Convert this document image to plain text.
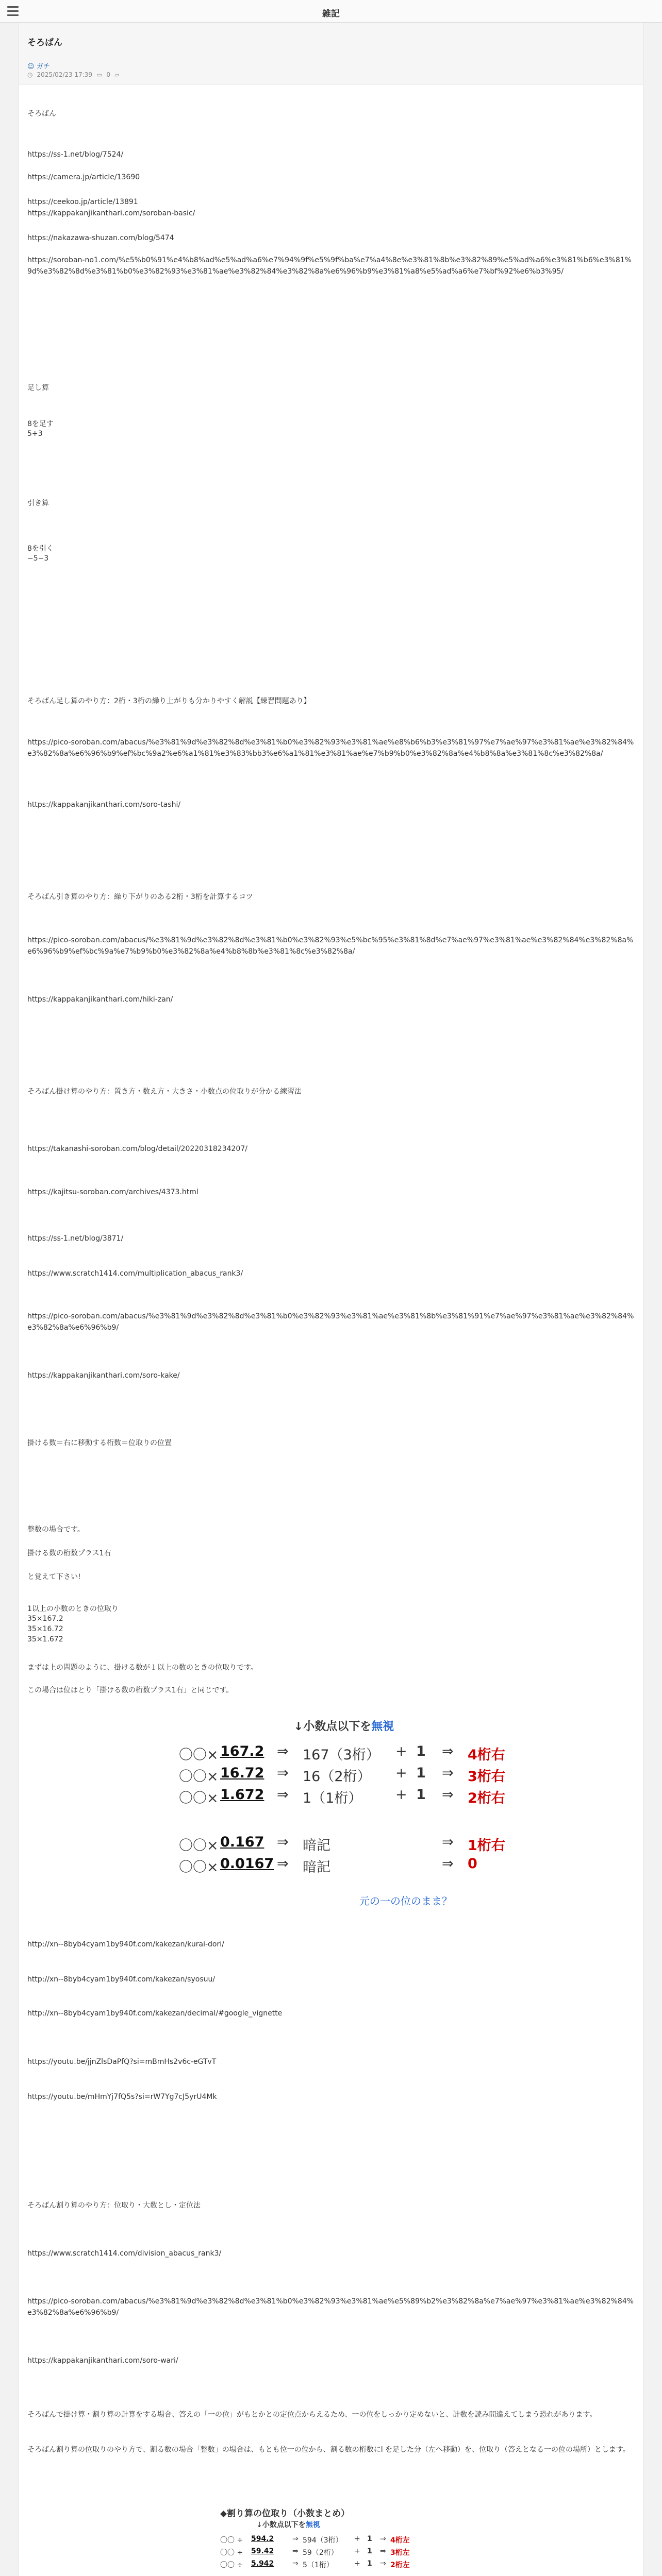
雑記
そろばん
☺ ガチ
◷ 2025/02/23 17:39 ▭ 0 ▱
そろばん
https://ss-1.net/blog/7524/
https://camera.jp/article/13690
https://ceekoo.jp/article/13891
https://kappakanjikanthari.com/soroban-basic/
https://nakazawa-shuzan.com/blog/5474
https://soroban-no1.com/%e5%b0%91%e4%b8%ad%e5%ad%a6%e7%94%9f%e5%9f%ba%e7%a4%8e%e3%81%8b%e3%82%89%e5%ad%a6%e3%81%b6%e3%81%9d%e3%82%8d%e3%81%b0%e3%82%93%e3%81%ae%e3%82%84%e3%82%8a%e6%96%b9%e3%81%a8%e5%ad%a6%e7%bf%92%e6%b3%95/
足し算
8を足す
5+3
引き算
8を引く
−5−3
そろばん足し算のやり方：2桁・3桁の繰り上がりも分かりやすく解説【練習問題あり】
https://pico-soroban.com/abacus/%e3%81%9d%e3%82%8d%e3%81%b0%e3%82%93%e3%81%ae%e8%b6%b3%e3%81%97%e7%ae%97%e3%81%ae%e3%82%84%e3%82%8a%e6%96%b9%ef%bc%9a2%e6%a1%81%e3%83%bb3%e6%a1%81%e3%81%ae%e7%b9%b0%e3%82%8a%e4%b8%8a%e3%81%8c%e3%82%8a/
https://kappakanjikanthari.com/soro-tashi/
そろばん引き算のやり方：繰り下がりのある2桁・3桁を計算するコツ
https://pico-soroban.com/abacus/%e3%81%9d%e3%82%8d%e3%81%b0%e3%82%93%e5%bc%95%e3%81%8d%e7%ae%97%e3%81%ae%e3%82%84%e3%82%8a%e6%96%b9%ef%bc%9a%e7%b9%b0%e3%82%8a%e4%b8%8b%e3%81%8c%e3%82%8a/
https://kappakanjikanthari.com/hiki-zan/
そろばん掛け算のやり方：置き方・数え方・大きさ・小数点の位取りが分かる練習法
https://takanashi-soroban.com/blog/detail/20220318234207/
https://kajitsu-soroban.com/archives/4373.html
https://ss-1.net/blog/3871/
https://www.scratch1414.com/multiplication_abacus_rank3/
https://pico-soroban.com/abacus/%e3%81%9d%e3%82%8d%e3%81%b0%e3%82%93%e3%81%ae%e3%81%8b%e3%81%91%e7%ae%97%e3%81%ae%e3%82%84%e3%82%8a%e6%96%b9/
https://kappakanjikanthari.com/soro-kake/
掛ける数＝右に移動する桁数＝位取りの位置
整数の場合です。
掛ける数の桁数プラス1右
と覚えて下さい!
1以上の小数のときの位取り
35×167.2
35×16.72
35×1.672
まずは上の問題のように、掛ける数が１以上の数のときの位取りです。
この場合は位はとり「掛ける数の桁数プラス1右」と同じです。
↓小数点以下を無視
〇〇× 167.2 ⇒ 167（3桁） + 1 ⇒ 4桁右
〇〇× 16.72 ⇒ 16（2桁） + 1 ⇒ 3桁右
〇〇× 1.672 ⇒ 1（1桁） + 1 ⇒ 2桁右
〇〇× 0.167 ⇒ 暗記	⇒ 1桁右
〇〇× 0.0167 ⇒ 暗記	⇒ 0
元の一の位のまま？
http://xn--8byb4cyam1by940f.com/kakezan/kurai-dori/
http://xn--8byb4cyam1by940f.com/kakezan/syosuu/
http://xn--8byb4cyam1by940f.com/kakezan/decimal/#google_vignette
https://youtu.be/jjnZlsDaPfQ?si=mBmHs2v6c-eGTvT
https://youtu.be/mHmYj7fQ5s?si=rW7Yg7cJ5yrU4Mk
そろばん割り算のやり方：位取り・大数とし・定位法
https://www.scratch1414.com/division_abacus_rank3/
https://pico-soroban.com/abacus/%e3%81%9d%e3%82%8d%e3%81%b0%e3%82%93%e3%81%ae%e5%89%b2%e3%82%8a%e7%ae%97%e3%81%ae%e3%82%84%e3%82%8a%e6%96%b9/
https://kappakanjikanthari.com/soro-wari/
そろばんで掛け算・割り算の計算をする場合、答えの「一の位」がもとかとの定位点からえるため、一の位をしっかり定めないと、計数を読み間違えてしまう恐れがあります。
そろばん割り算の位取りのやり方で、割る数の場合「整数」の場合は、もとも位一の位から、割る数の桁数にl を足した分（左へ移動）を、位取り（答えとなる一の位の場所）とします。
◆割り算の位取り（小数まとめ）
↓小数点以下を無視
〇〇 ÷ 594.2	⇒ 594（3桁） + 1 ⇒ 4桁左
〇〇 ÷ 59.42	⇒ 59（2桁） + 1 ⇒ 3桁左
〇〇 ÷ 5.942	⇒ 5（1桁）	+ 1 ⇒ 2桁左
